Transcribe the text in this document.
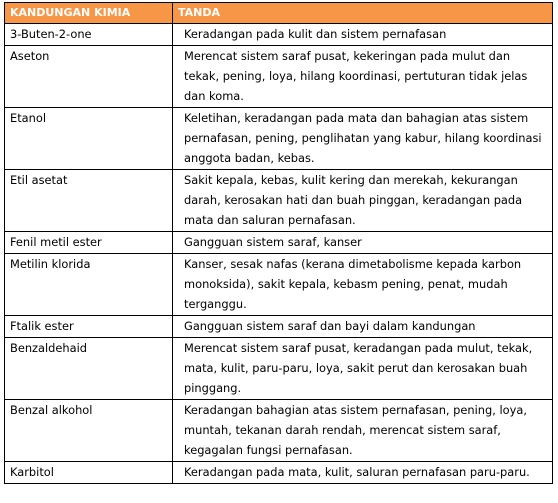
KANDUNGAN KIMIA	TANDA
3-Buten-2-one	Keradangan pada kulit dan sistem pernafasan
Aseton	Merencat sistem saraf pusat, kekeringan pada mulut dan tekak, pening, loya, hilang koordinasi, pertuturan tidak jelas dan koma.
Etanol	Keletihan, keradangan pada mata dan bahagian atas sistem pernafasan, pening, penglihatan yang kabur, hilang koordinasi anggota badan, kebas.
Etil asetat	Sakit kepala, kebas, kulit kering dan merekah, kekurangan darah, kerosakan hati dan buah pinggan, keradangan pada mata dan saluran pernafasan.
Fenil metil ester	Gangguan sistem saraf, kanser
Metilin klorida	Kanser, sesak nafas (kerana dimetabolisme kepada karbon monoksida), sakit kepala, kebasm pening, penat, mudah terganggu.
Ftalik ester	Gangguan sistem saraf dan bayi dalam kandungan
Benzaldehaid	Merencat sistem saraf pusat, keradangan pada mulut, tekak, mata, kulit, paru-paru, loya, sakit perut dan kerosakan buah pinggang.
Benzal alkohol	Keradangan bahagian atas sistem pernafasan, pening, loya, muntah, tekanan darah rendah, merencat sistem saraf, kegagalan fungsi pernafasan.
Karbitol	Keradangan pada mata, kulit, saluran pernafasan paru-paru.
